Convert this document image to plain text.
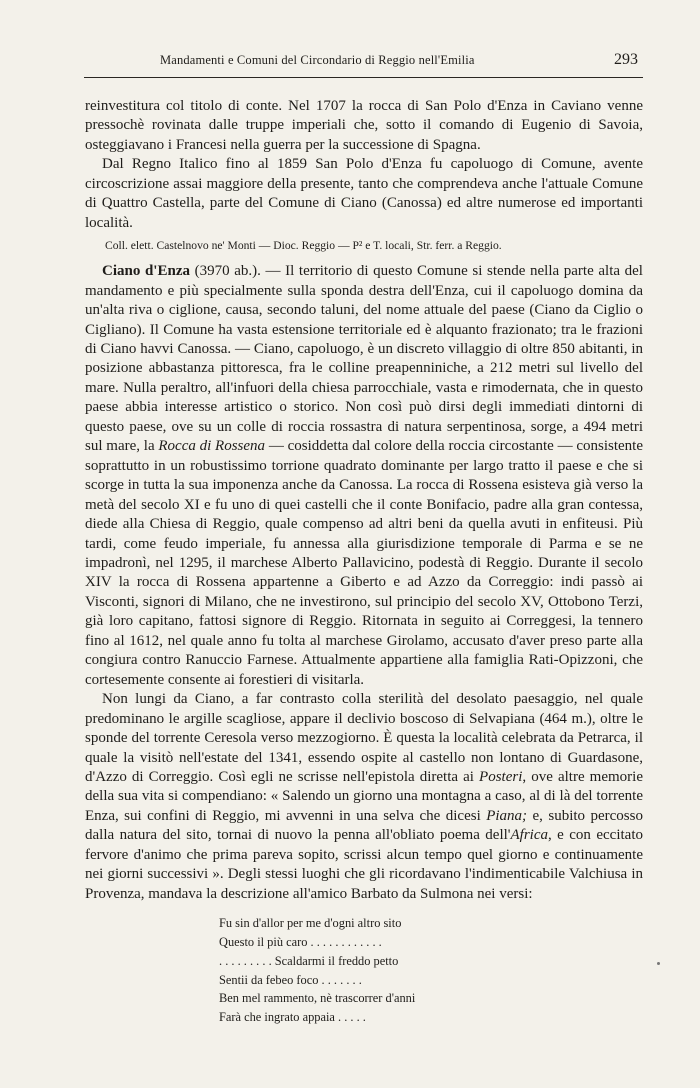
Mandamenti e Comuni del Circondario di Reggio nell'Emilia	293

reinvestitura col titolo di conte. Nel 1707 la rocca di San Polo d'Enza in Caviano venne pressochè rovinata dalle truppe imperiali che, sotto il comando di Eugenio di Savoia, osteggiavano i Francesi nella guerra per la successione di Spagna.

Dal Regno Italico fino al 1859 San Polo d'Enza fu capoluogo di Comune, avente circoscrizione assai maggiore della presente, tanto che comprendeva anche l'attuale Comune di Quattro Castella, parte del Comune di Ciano (Canossa) ed altre numerose ed importanti località.

Coll. elett. Castelnovo ne' Monti — Dioc. Reggio — P² e T. locali, Str. ferr. a Reggio.

Ciano d'Enza (3970 ab.). — Il territorio di questo Comune si stende nella parte alta del mandamento e più specialmente sulla sponda destra dell'Enza, cui il capoluogo domina da un'alta riva o ciglione, causa, secondo taluni, del nome attuale del paese (Ciano da Ciglio o Cigliano). Il Comune ha vasta estensione territoriale ed è alquanto frazionato; tra le frazioni di Ciano havvi Canossa. — Ciano, capoluogo, è un discreto villaggio di oltre 850 abitanti, in posizione abbastanza pittoresca, fra le colline preapenniniche, a 212 metri sul livello del mare. Nulla peraltro, all'infuori della chiesa parrocchiale, vasta e rimodernata, che in questo paese abbia interesse artistico o storico. Non così può dirsi degli immediati dintorni di questo paese, ove su un colle di roccia rossastra di natura serpentinosa, sorge, a 494 metri sul mare, la Rocca di Rossena — cosiddetta dal colore della roccia circostante — consistente soprattutto in un robustissimo torrione quadrato dominante per largo tratto il paese e che si scorge in tutta la sua imponenza anche da Canossa. La rocca di Rossena esisteva già verso la metà del secolo XI e fu uno di quei castelli che il conte Bonifacio, padre alla gran contessa, diede alla Chiesa di Reggio, quale compenso ad altri beni da quella avuti in enfiteusi. Più tardi, come feudo imperiale, fu annessa alla giurisdizione temporale di Parma e se ne impadronì, nel 1295, il marchese Alberto Pallavicino, podestà di Reggio. Durante il secolo XIV la rocca di Rossena appartenne a Giberto e ad Azzo da Correggio: indi passò ai Visconti, signori di Milano, che ne investirono, sul principio del secolo XV, Ottobono Terzi, già loro capitano, fattosi signore di Reggio. Ritornata in seguito ai Correggesi, la tennero fino al 1612, nel quale anno fu tolta al marchese Girolamo, accusato d'aver preso parte alla congiura contro Ranuccio Farnese. Attualmente appartiene alla famiglia Rati-Opizzoni, che cortesemente consente ai forestieri di visitarla.

Non lungi da Ciano, a far contrasto colla sterilità del desolato paesaggio, nel quale predominano le argille scagliose, appare il declivio boscoso di Selvapiana (464 m.), oltre le sponde del torrente Ceresola verso mezzogiorno. È questa la località celebrata da Petrarca, il quale la visitò nell'estate del 1341, essendo ospite al castello non lontano di Guardasone, d'Azzo di Correggio. Così egli ne scrisse nell'epistola diretta ai Posteri, ove altre memorie della sua vita si compendiano: « Salendo un giorno una montagna a caso, al di là del torrente Enza, sui confini di Reggio, mi avvenni in una selva che dicesi Piana; e, subito percosso dalla natura del sito, tornai di nuovo la penna all'obliato poema dell'Africa, e con eccitato fervore d'animo che prima pareva sopito, scrissi alcun tempo quel giorno e continuamente nei giorni successivi ». Degli stessi luoghi che gli ricordavano l'indimenticabile Valchiusa in Provenza, mandava la descrizione all'amico Barbato da Sulmona nei versi:

Fu sin d'allor per me d'ogni altro sito
Questo il più caro . . . . . . . . . . . .
. . . . . . . . . Scaldarmi il freddo petto
Sentii da febeo foco . . . . . . .
Ben mel rammento, nè trascorrer d'anni
Farà che ingrato appaia . . . . .
